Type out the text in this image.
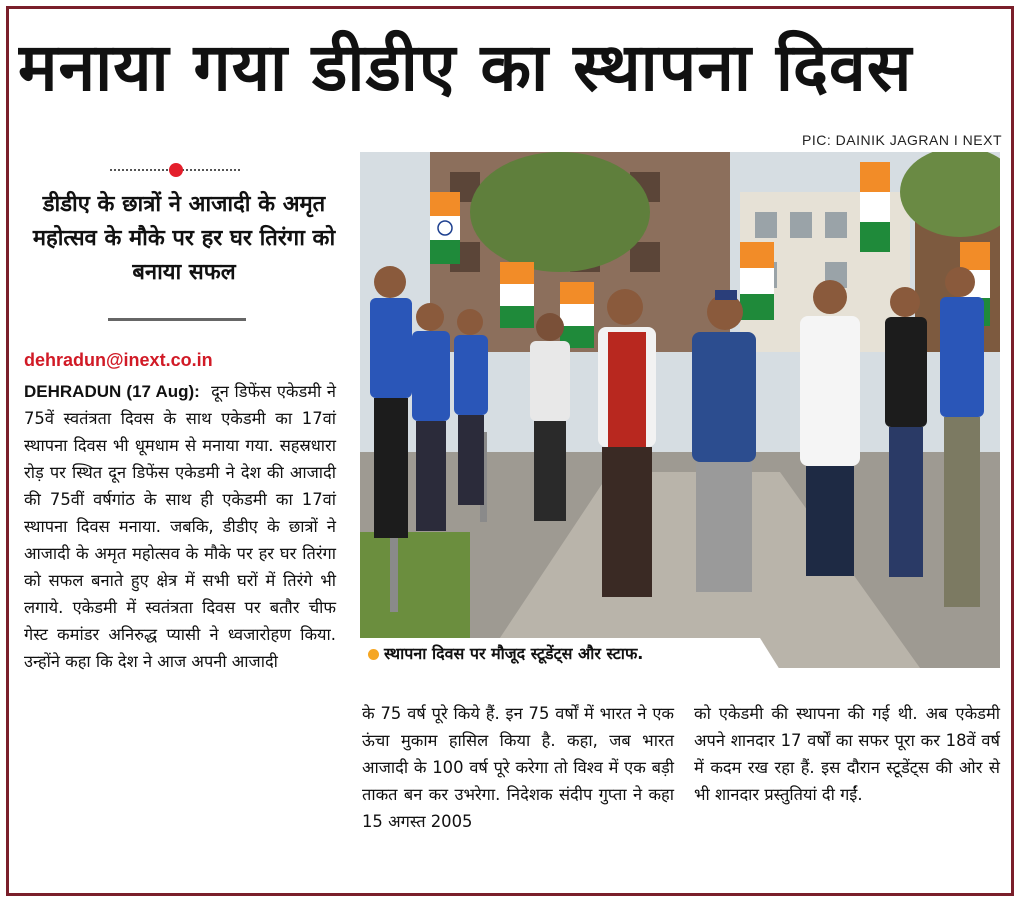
मनाया गया डीडीए का स्थापना दिवस
PIC: DAINIK JAGRAN I NEXT
डीडीए के छात्रों ने आजादी के अमृत महोत्सव के मौके पर हर घर तिरंगा को बनाया सफल
dehradun@inext.co.in

DEHRADUN (17 Aug): दून डिफेंस एकेडमी ने 75वें स्वतंत्रता दिवस के साथ एकेडमी का 17वां स्थापना दिवस भी धूमधाम से मनाया गया. सहस्रधारा रोड़ पर स्थित दून डिफेंस एकेडमी ने देश की आजादी की 75वीं वर्षगांठ के साथ ही एकेडमी का 17वां स्थापना दिवस मनाया. जबकि, डीडीए के छात्रों ने आजादी के अमृत महोत्सव के मौके पर हर घर तिरंगा को सफल बनाते हुए क्षेत्र में सभी घरों में तिरंगे भी लगाये. एकेडमी में स्वतंत्रता दिवस पर बतौर चीफ गेस्ट कमांडर अनिरुद्ध प्यासी ने ध्वजारोहण किया. उन्होंने कहा कि देश ने आज अपनी आजादी

के 75 वर्ष पूरे किये हैं. इन 75 वर्षों में भारत ने एक ऊंचा मुकाम हासिल किया है. कहा, जब भारत आजादी के 100 वर्ष पूरे करेगा तो विश्व में एक बड़ी ताकत बन कर उभरेगा. निदेशक संदीप गुप्ता ने कहा 15 अगस्त 2005

को एकेडमी की स्थापना की गई थी. अब एकेडमी अपने शानदार 17 वर्षों का सफर पूरा कर 18वें वर्ष में कदम रख रहा हैं. इस दौरान स्टूडेंट्स की ओर से भी शानदार प्रस्तुतियां दी गईं.

स्थापना दिवस पर मौजूद स्टूडेंट्स और स्टाफ.
